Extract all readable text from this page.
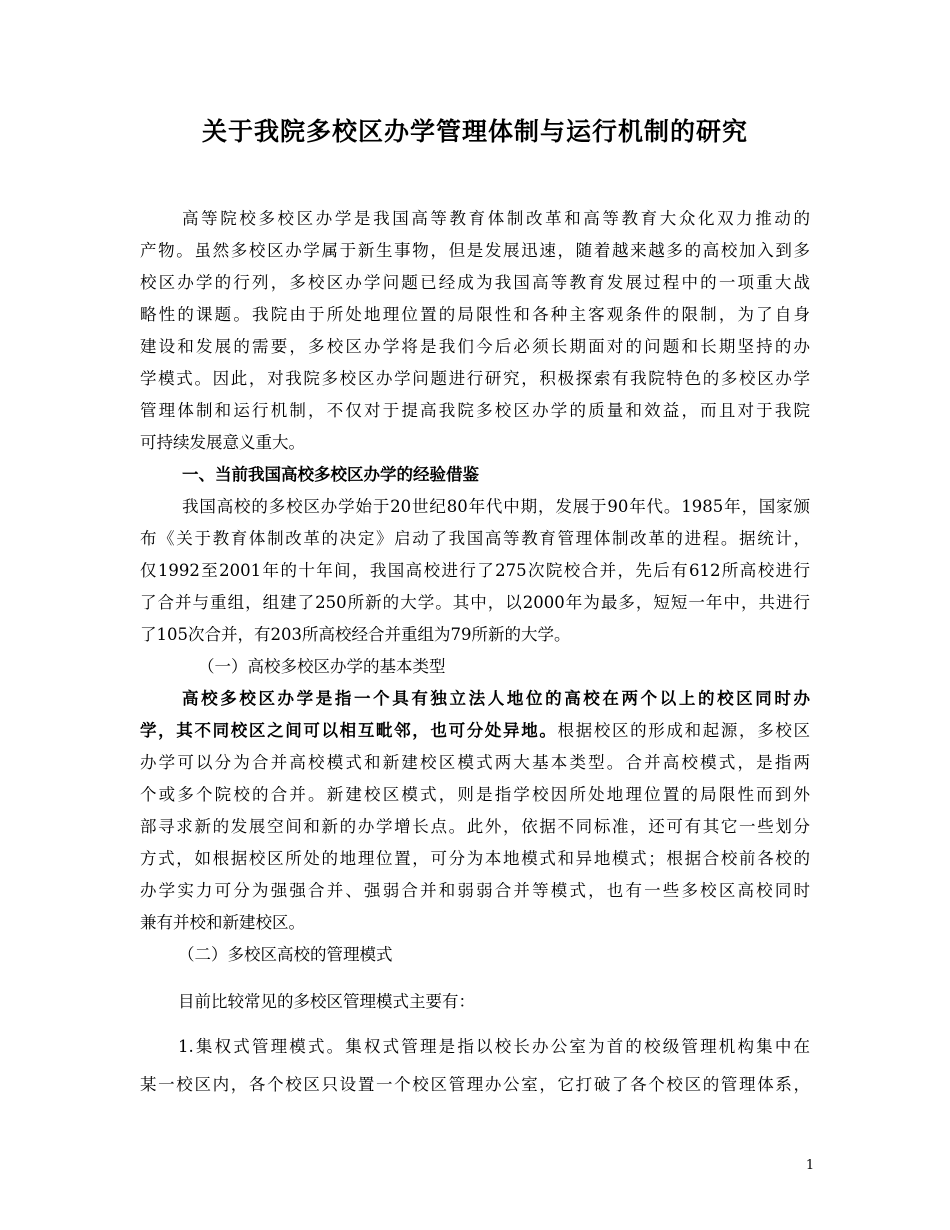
关于我院多校区办学管理体制与运行机制的研究
高等院校多校区办学是我国高等教育体制改革和高等教育大众化双力推动的
产物。虽然多校区办学属于新生事物，但是发展迅速，随着越来越多的高校加入到多
校区办学的行列，多校区办学问题已经成为我国高等教育发展过程中的一项重大战
略性的课题。我院由于所处地理位置的局限性和各种主客观条件的限制，为了自身
建设和发展的需要，多校区办学将是我们今后必须长期面对的问题和长期坚持的办
学模式。因此，对我院多校区办学问题进行研究，积极探索有我院特色的多校区办学
管理体制和运行机制，不仅对于提高我院多校区办学的质量和效益，而且对于我院
可持续发展意义重大。
一、当前我国高校多校区办学的经验借鉴
我国高校的多校区办学始于20世纪80年代中期，发展于90年代。1985年，国家颁
布《关于教育体制改革的决定》启动了我国高等教育管理体制改革的进程。据统计，
仅1992至2001年的十年间，我国高校进行了275次院校合并，先后有612所高校进行
了合并与重组，组建了250所新的大学。其中，以2000年为最多，短短一年中，共进行
了105次合并，有203所高校经合并重组为79所新的大学。
（一）高校多校区办学的基本类型
高校多校区办学是指一个具有独立法人地位的高校在两个以上的校区同时办
学，其不同校区之间可以相互毗邻，也可分处异地。根据校区的形成和起源，多校区
办学可以分为合并高校模式和新建校区模式两大基本类型。合并高校模式，是指两
个或多个院校的合并。新建校区模式，则是指学校因所处地理位置的局限性而到外
部寻求新的发展空间和新的办学增长点。此外，依据不同标准，还可有其它一些划分
方式，如根据校区所处的地理位置，可分为本地模式和异地模式；根据合校前各校的
办学实力可分为强强合并、强弱合并和弱弱合并等模式，也有一些多校区高校同时
兼有并校和新建校区。
（二）多校区高校的管理模式
目前比较常见的多校区管理模式主要有：
1.集权式管理模式。集权式管理是指以校长办公室为首的校级管理机构集中在
某一校区内，各个校区只设置一个校区管理办公室，它打破了各个校区的管理体系，
1
